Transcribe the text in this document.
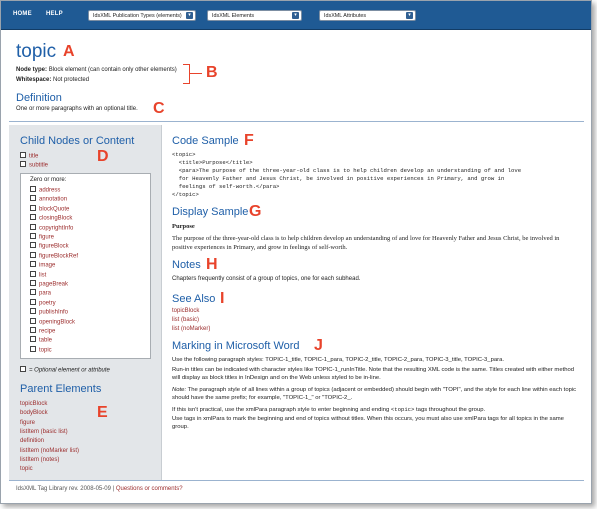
HOME HELP	IdsXML Publication Types (elements)	▾	IdsXML Elements	▾	IdsXML Attributes	▾
topic A
Node type: Block element (can contain only other elements)
Whitespace: Not protected	B
Definition
One or more paragraphs with an optional title. C
Child Nodes or Content
D
title
subtitle
Zero or more:
= Optional element or attribute
Parent Elements
E
Code Sample F
<topic>
<title>Purpose</title>
<para>The purpose of the three-year-old class is to help children develop an understanding of and love
for Heavenly Father and Jesus Christ, be involved in positive experiences in Primary, and grow in
feelings of self-worth.</para>
</topic>
Display Sample G
Purpose
The purpose of the three-year-old class is to help children develop an understanding of and love for Heavenly Father and Jesus Christ, be involved in positive experiences in Primary, and grow in feelings of self-worth.
Notes H
Chapters frequently consist of a group of topics, one for each subhead.
See Also I
topicBlock
list (basic)
list (noMarker)
Marking in Microsoft Word J
Use the following paragraph styles: TOPIC-1_title, TOPIC-1_para, TOPIC-2_title, TOPIC-2_para, TOPIC-3_title, TOPIC-3_para.
Run-in titles can be indicated with character styles like TOPIC-1_runInTitle. Note that the resulting XML code is the same. Titles created with either method will display as block titles in InDesign and on the Web unless styled to be in-line.
Note: The paragraph style of all lines within a group of topics (adjacent or embedded) should begin with "TOPI", and the style for each line within each topic should have the same prefix; for example, "TOPIC-1_" or "TOPIC-2_.
If this isn't practical, use the xmlPara paragraph style to enter beginning and ending <topic> tags throughout the group.
Use tags in xmlPara to mark the beginning and end of topics without titles. When this occurs, you must also use xmlPara tags for all topics in the same group.
IdsXML Tag Library rev. 2008-05-09 | Questions or comments?
address
annotation
blockQuote
closingBlock
copyrightInfo
figure
figureBlock
figureBlockRef
image
list
pageBreak
para
poetry
publishInfo
openingBlock
recipe
table
topic
topicBlock
bodyBlock
figure
listItem (basic list)
definition
listItem (noMarker list)
listItem (notes)
topic
